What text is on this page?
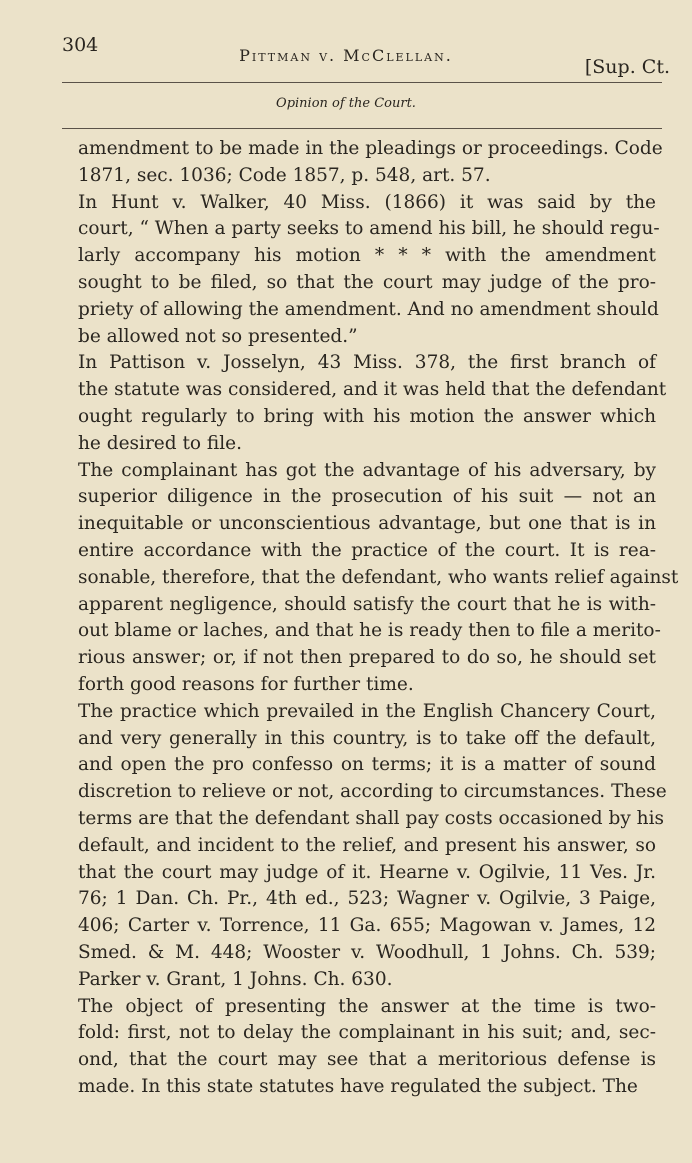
304	Pittman v. McClellan.
[Sup. Ct.
Opinion of the Court.
amendment to be made in the pleadings or proceedings. Code
1871, sec. 1036; Code 1857, p. 548, art. 57.
In Hunt v. Walker, 40 Miss. (1866) it was said by the
court, “ When a party seeks to amend his bill, he should regu-
larly accompany his motion * * * with the amendment
sought to be filed, so that the court may judge of the pro-
priety of allowing the amendment. And no amendment should
be allowed not so presented.”
In Pattison v. Josselyn, 43 Miss. 378, the first branch of
the statute was considered, and it was held that the defendant
ought regularly to bring with his motion the answer which
he desired to file.
The complainant has got the advantage of his adversary, by
superior diligence in the prosecution of his suit — not an
inequitable or unconscientious advantage, but one that is in
entire accordance with the practice of the court. It is rea-
sonable, therefore, that the defendant, who wants relief against
apparent negligence, should satisfy the court that he is with-
out blame or laches, and that he is ready then to file a merito-
rious answer; or, if not then prepared to do so, he should set
forth good reasons for further time.
The practice which prevailed in the English Chancery Court,
and very generally in this country, is to take off the default,
and open the pro confesso on terms; it is a matter of sound
discretion to relieve or not, according to circumstances. These
terms are that the defendant shall pay costs occasioned by his
default, and incident to the relief, and present his answer, so
that the court may judge of it. Hearne v. Ogilvie, 11 Ves. Jr.
76; 1 Dan. Ch. Pr., 4th ed., 523; Wagner v. Ogilvie, 3 Paige,
406; Carter v. Torrence, 11 Ga. 655; Magowan v. James, 12
Smed. & M. 448; Wooster v. Woodhull, 1 Johns. Ch. 539;
Parker v. Grant, 1 Johns. Ch. 630.
The object of presenting the answer at the time is two-
fold: first, not to delay the complainant in his suit; and, sec-
ond, that the court may see that a meritorious defense is
made. In this state statutes have regulated the subject. The
